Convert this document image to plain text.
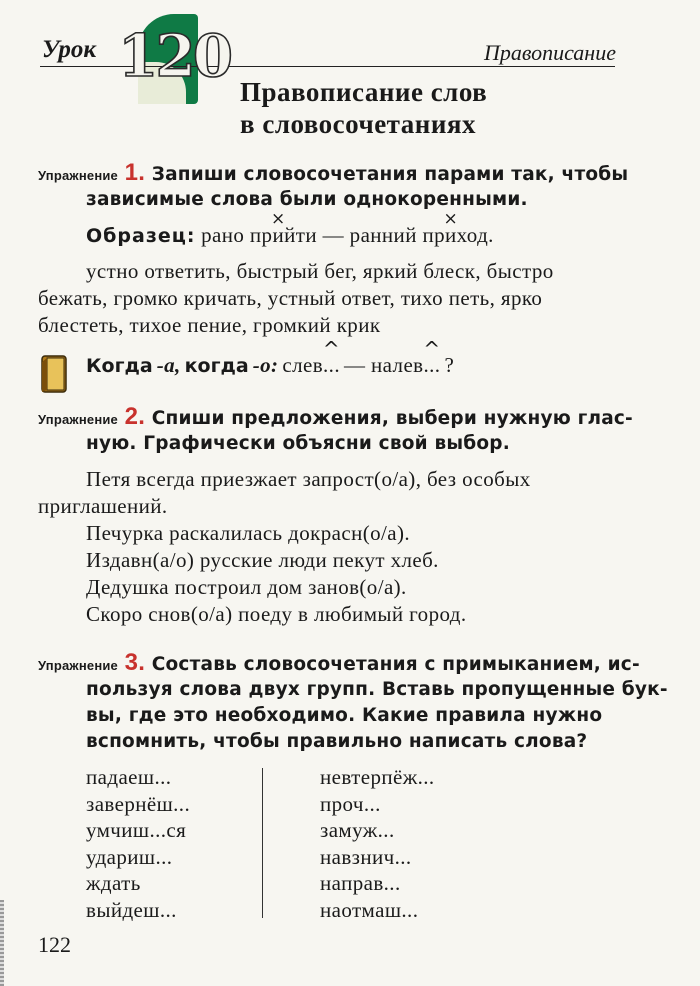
Урок 120	Правописание
Правописание слов
в словосочетаниях
Упражнение 1. Запиши словосочетания парами так, чтобы
зависимые слова были однокоренными.
Образец: рано пр× ийти — ранний пр× иход.
устно ответить, быстрый бег, яркий блеск, быстро
бежать, громко кричать, устный ответ, тихо петь, ярко
блестеть, тихое пение, громкий крик
Когда -а, когда -о: слев^ ... — налев^ ... ?
Упражнение 2. Спиши предложения, выбери нужную глас-
ную. Графически объясни свой выбор.
Петя всегда приезжает запрост(о/а), без особых
приглашений.
Печурка раскалилась докрасн(о/а).
Издавн(а/о) русские люди пекут хлеб.
Дедушка построил дом занов(о/а).
Скоро снов(о/а) поеду в любимый город.
Упражнение 3. Составь словосочетания с примыканием, ис-
пользуя слова двух групп. Вставь пропущенные бук-
вы, где это необходимо. Какие правила нужно
вспомнить, чтобы правильно написать слова?
падаеш...
завернёш...
умчиш...ся
удариш...
ждать
выйдеш...
невтерпёж...
проч...
замуж...
навзнич...
направ...
наотмаш...
122
